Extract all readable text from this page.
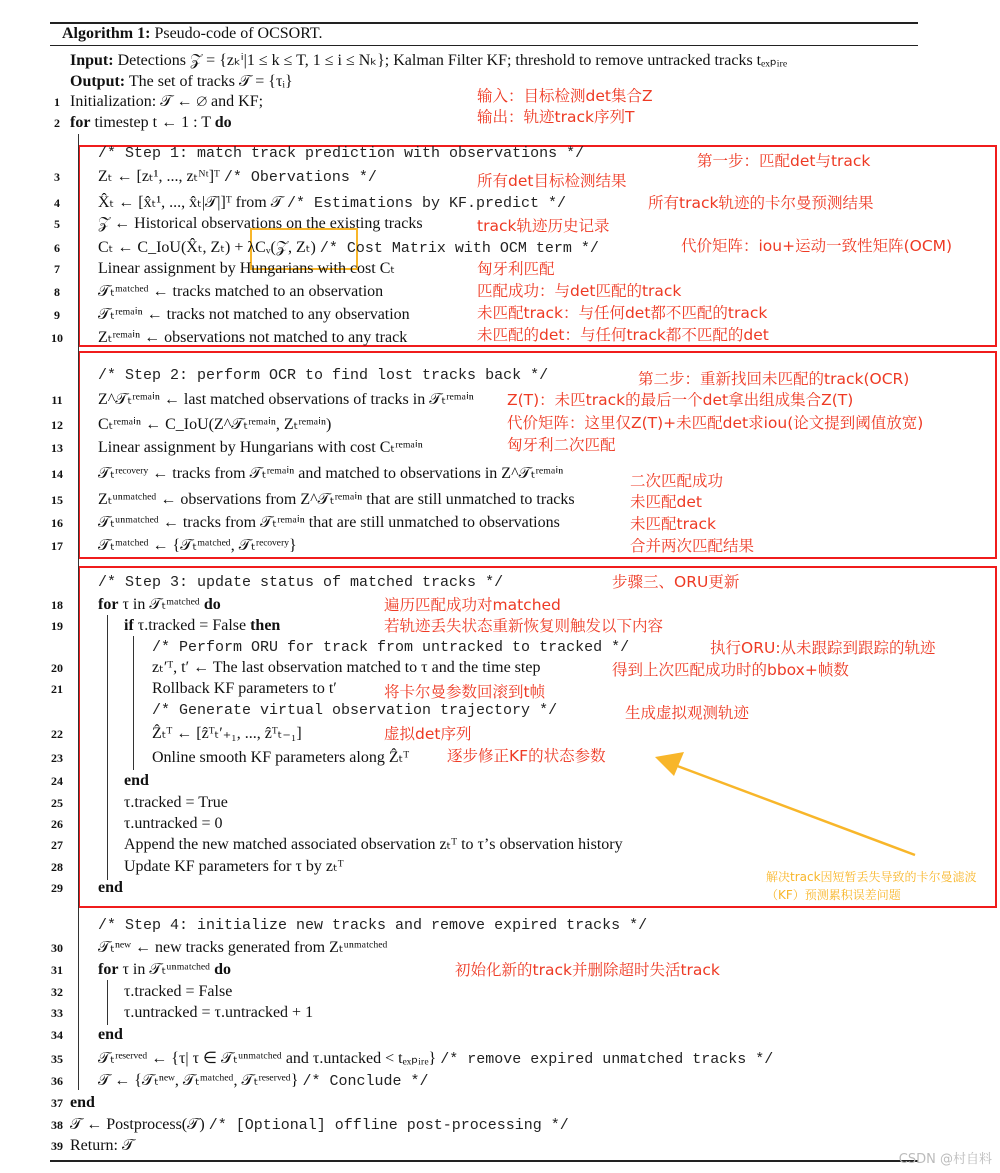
Algorithm 1: Pseudo-code of OCSORT.
Input: Detections 𝒵 = {zₖⁱ|1 ≤ k ≤ T, 1 ≤ i ≤ Nₖ}; Kalman Filter KF; threshold to remove untracked tracks tₑₓₚᵢᵣₑ
Output: The set of tracks 𝒯 = {τᵢ}
1 Initialization: 𝒯 ← ∅ and KF;
2 for timestep t ← 1 : T do
/* Step 1: match track prediction with observations */
3	Zₜ ← [zₜ¹, ..., zₜᴺᵗ]ᵀ /* Obervations */
4	X̂ₜ ← [x̂ₜ¹, ..., x̂ₜ|𝒯|]ᵀ from 𝒯 /* Estimations by KF.predict */
5	𝒵 ← Historical observations on the existing tracks
6	Cₜ ← C_IoU(X̂ₜ, Zₜ) + λCᵥ(𝒵, Zₜ) /* Cost Matrix with OCM term */
7	Linear assignment by Hungarians with cost Cₜ
8	𝒯ₜᵐᵃᵗᶜʰᵉᵈ ← tracks matched to an observation
9	𝒯ₜʳᵉᵐᵃⁱⁿ ← tracks not matched to any observation
10 Zₜʳᵉᵐᵃⁱⁿ ← observations not matched to any track
/* Step 2: perform OCR to find lost tracks back */
11 Z^𝒯ₜʳᵉᵐᵃⁱⁿ ← last matched observations of tracks in 𝒯ₜʳᵉᵐᵃⁱⁿ
12 Cₜʳᵉᵐᵃⁱⁿ ← C_IoU(Z^𝒯ₜʳᵉᵐᵃⁱⁿ, Zₜʳᵉᵐᵃⁱⁿ)
13 Linear assignment by Hungarians with cost Cₜʳᵉᵐᵃⁱⁿ
14 𝒯ₜʳᵉᶜᵒᵛᵉʳʸ ← tracks from 𝒯ₜʳᵉᵐᵃⁱⁿ and matched to observations in Z^𝒯ₜʳᵉᵐᵃⁱⁿ
15 Zₜᵘⁿᵐᵃᵗᶜʰᵉᵈ ← observations from Z^𝒯ₜʳᵉᵐᵃⁱⁿ that are still unmatched to tracks
16 𝒯ₜᵘⁿᵐᵃᵗᶜʰᵉᵈ ← tracks from 𝒯ₜʳᵉᵐᵃⁱⁿ that are still unmatched to observations
17 𝒯ₜᵐᵃᵗᶜʰᵉᵈ ← {𝒯ₜᵐᵃᵗᶜʰᵉᵈ, 𝒯ₜʳᵉᶜᵒᵛᵉʳʸ}
/* Step 3: update status of matched tracks */
18 for τ in 𝒯ₜᵐᵃᵗᶜʰᵉᵈ do
19	if τ.tracked = False then
/* Perform ORU for track from untracked to tracked */
20	zₜ′ᵀ, t′ ← The last observation matched to τ and the time step
21	Rollback KF parameters to t′
/* Generate virtual observation trajectory */
22	Ẑₜᵀ ← [ẑᵀₜ′₊₁, ..., ẑᵀₜ₋₁]
23	Online smooth KF parameters along Ẑₜᵀ
24	end
25	τ.tracked = True
26	τ.untracked = 0
27	Append the new matched associated observation zₜᵀ to τ’s observation history
28	Update KF parameters for τ by zₜᵀ
29 end
/* Step 4: initialize new tracks and remove expired tracks */
30 𝒯ₜⁿᵉʷ ← new tracks generated from Zₜᵘⁿᵐᵃᵗᶜʰᵉᵈ
31 for τ in 𝒯ₜᵘⁿᵐᵃᵗᶜʰᵉᵈ do
32	τ.tracked = False
33	τ.untracked = τ.untracked + 1
34 end
35 𝒯ₜʳᵉˢᵉʳᵛᵉᵈ ← {τ| τ ∈ 𝒯ₜᵘⁿᵐᵃᵗᶜʰᵉᵈ and τ.untacked < tₑₓₚᵢᵣₑ} /* remove expired unmatched tracks */
36 𝒯 ← {𝒯ₜⁿᵉʷ, 𝒯ₜᵐᵃᵗᶜʰᵉᵈ, 𝒯ₜʳᵉˢᵉʳᵛᵉᵈ} /* Conclude */
37 end
38 𝒯 ← Postprocess(𝒯) /* [Optional] offline post-processing */
39 Return: 𝒯
输入：目标检测det集合Z
输出：轨迹track序列T
第一步：匹配det与track
所有det目标检测结果
所有track轨迹的卡尔曼预测结果
track轨迹历史记录
代价矩阵：iou+运动一致性矩阵(OCM)
匈牙利匹配
匹配成功：与det匹配的track
未匹配track：与任何det都不匹配的track
未匹配的det：与任何track都不匹配的det
第二步：重新找回未匹配的track(OCR)
Z(T)：未匹track的最后一个det拿出组成集合Z(T)
代价矩阵：这里仅Z(T)+未匹配det求iou(论文提到阈值放宽)
匈牙利二次匹配
二次匹配成功
未匹配det
未匹配track
合并两次匹配结果
步骤三、ORU更新
遍历匹配成功对matched
若轨迹丢失状态重新恢复则触发以下内容
执行ORU:从未跟踪到跟踪的轨迹
得到上次匹配成功时的bbox+帧数
将卡尔曼参数回滚到t帧
生成虚拟观测轨迹
虚拟det序列
逐步修正KF的状态参数
初始化新的track并删除超时失活track
解决track因短暂丢失导致的卡尔曼滤波（KF）预测累积误差问题
CSDN @村自料
